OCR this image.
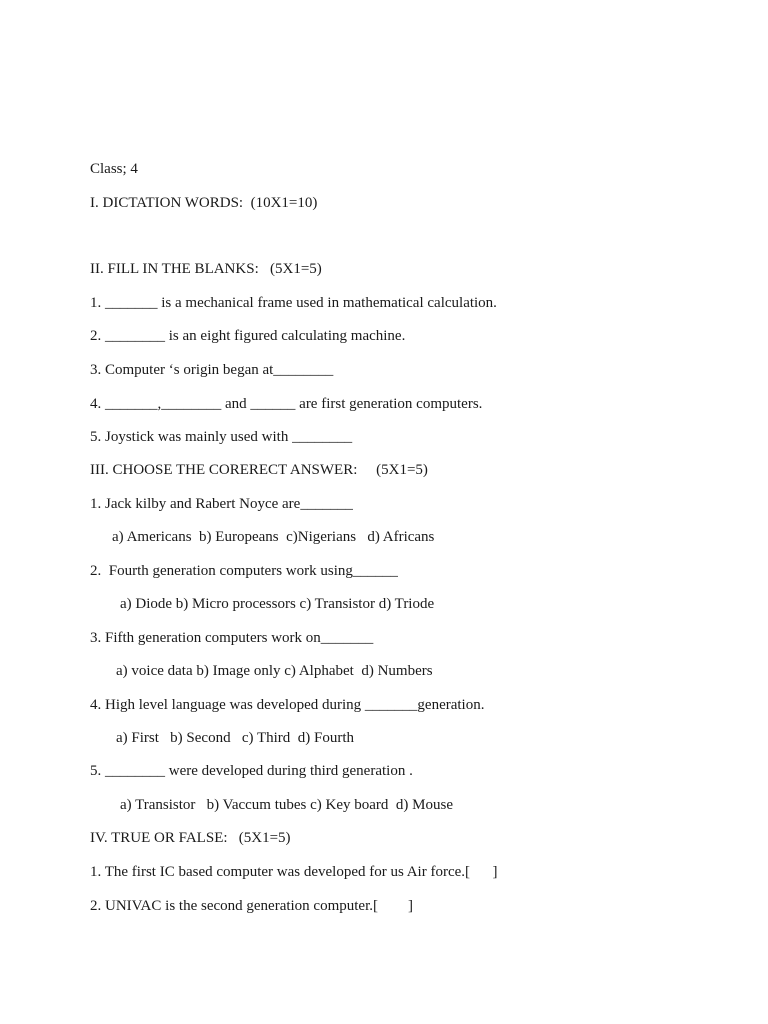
Class; 4
I. DICTATION WORDS:  (10X1=10)
II. FILL IN THE BLANKS:   (5X1=5)
1. _______ is a mechanical frame used in mathematical calculation.
2. ________ is an eight figured calculating machine.
3. Computer ‘s origin began at________
4. _______,________ and ______ are first generation computers.
5. Joystick was mainly used with ________
III. CHOOSE THE CORERECT ANSWER:     (5X1=5)
1. Jack kilby and Rabert Noyce are_______
a) Americans  b) Europeans  c)Nigerians   d) Africans
2.  Fourth generation computers work using______
a) Diode b) Micro processors c) Transistor d) Triode
3. Fifth generation computers work on_______
a) voice data b) Image only c) Alphabet  d) Numbers
4. High level language was developed during _______generation.
a) First   b) Second   c) Third  d) Fourth
5. ________ were developed during third generation .
a) Transistor   b) Vaccum tubes c) Key board  d) Mouse
IV. TRUE OR FALSE:   (5X1=5)
1. The first IC based computer was developed for us Air force.[      ]
2. UNIVAC is the second generation computer.[        ]
